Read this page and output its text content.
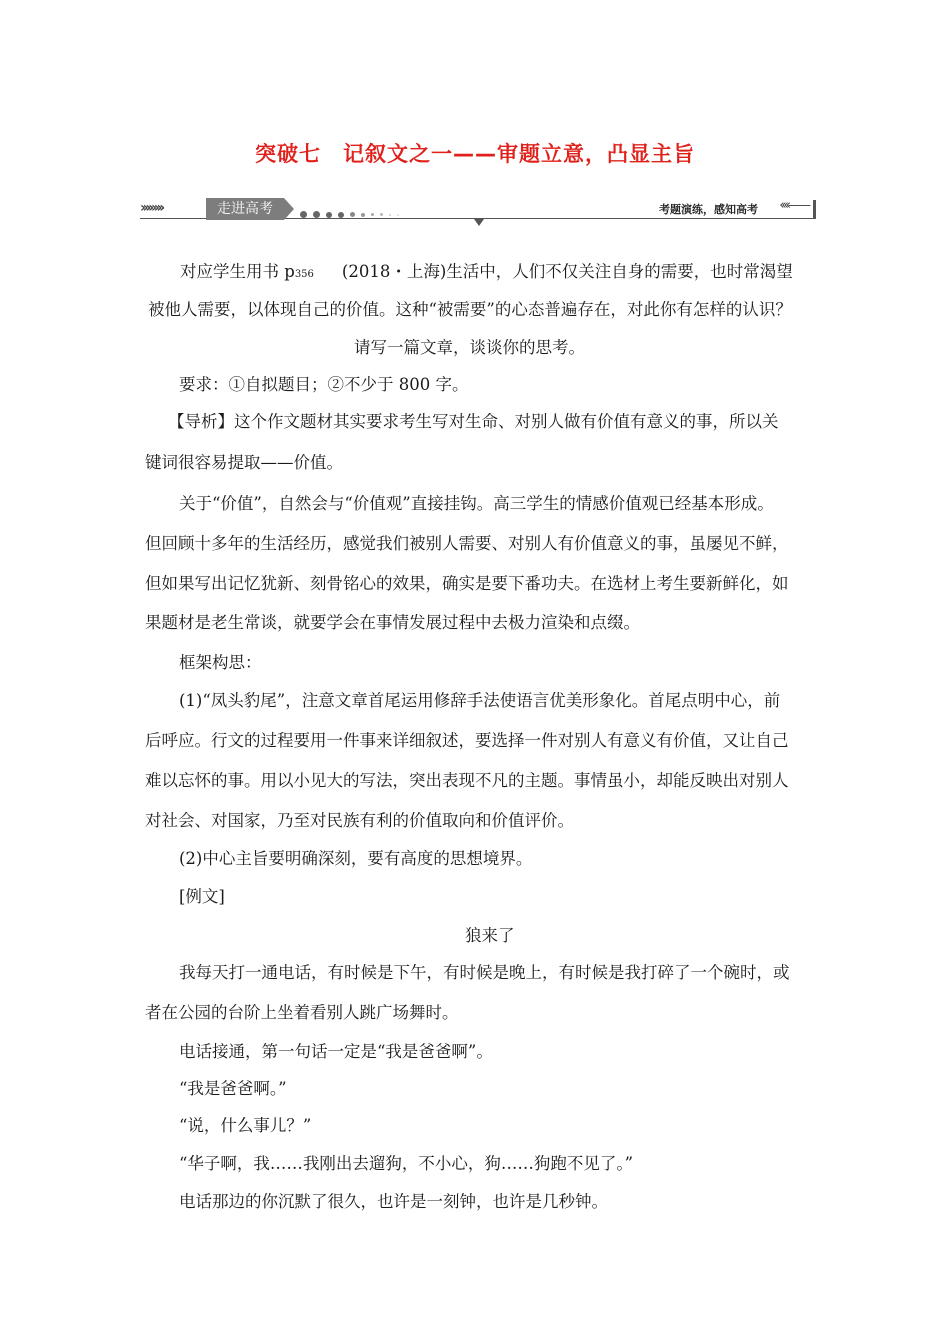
突破七　记叙文之一——审题立意，凸显主旨
››››››››	走进高考	考题演练，感知高考 ‹‹‹‹——
对应学生用书 p356 (2018・上海)生活中，人们不仅关注自身的需要，也时常渴望
被他人需要，以体现自己的价值。这种“被需要”的心态普遍存在，对此你有怎样的认识？
请写一篇文章，谈谈你的思考。
要求：①自拟题目；②不少于 800 字。
【导析】这个作文题材其实要求考生写对生命、对别人做有价值有意义的事，所以关
键词很容易提取——价值。
关于“价值”，自然会与“价值观”直接挂钩。高三学生的情感价值观已经基本形成。
但回顾十多年的生活经历，感觉我们被别人需要、对别人有价值意义的事，虽屡见不鲜，
但如果写出记忆犹新、刻骨铭心的效果，确实是要下番功夫。在选材上考生要新鲜化，如
果题材是老生常谈，就要学会在事情发展过程中去极力渲染和点缀。
框架构思：
(1)“凤头豹尾”，注意文章首尾运用修辞手法使语言优美形象化。首尾点明中心，前
后呼应。行文的过程要用一件事来详细叙述，要选择一件对别人有意义有价值，又让自己
难以忘怀的事。用以小见大的写法，突出表现不凡的主题。事情虽小，却能反映出对别人
对社会、对国家，乃至对民族有利的价值取向和价值评价。
(2)中心主旨要明确深刻，要有高度的思想境界。
[例文]
狼来了
我每天打一通电话，有时候是下午，有时候是晚上，有时候是我打碎了一个碗时，或
者在公园的台阶上坐着看别人跳广场舞时。
电话接通，第一句话一定是“我是爸爸啊”。
“我是爸爸啊。”
“说，什么事儿？”
“华子啊，我……我刚出去遛狗，不小心，狗……狗跑不见了。”
电话那边的你沉默了很久，也许是一刻钟，也许是几秒钟。
